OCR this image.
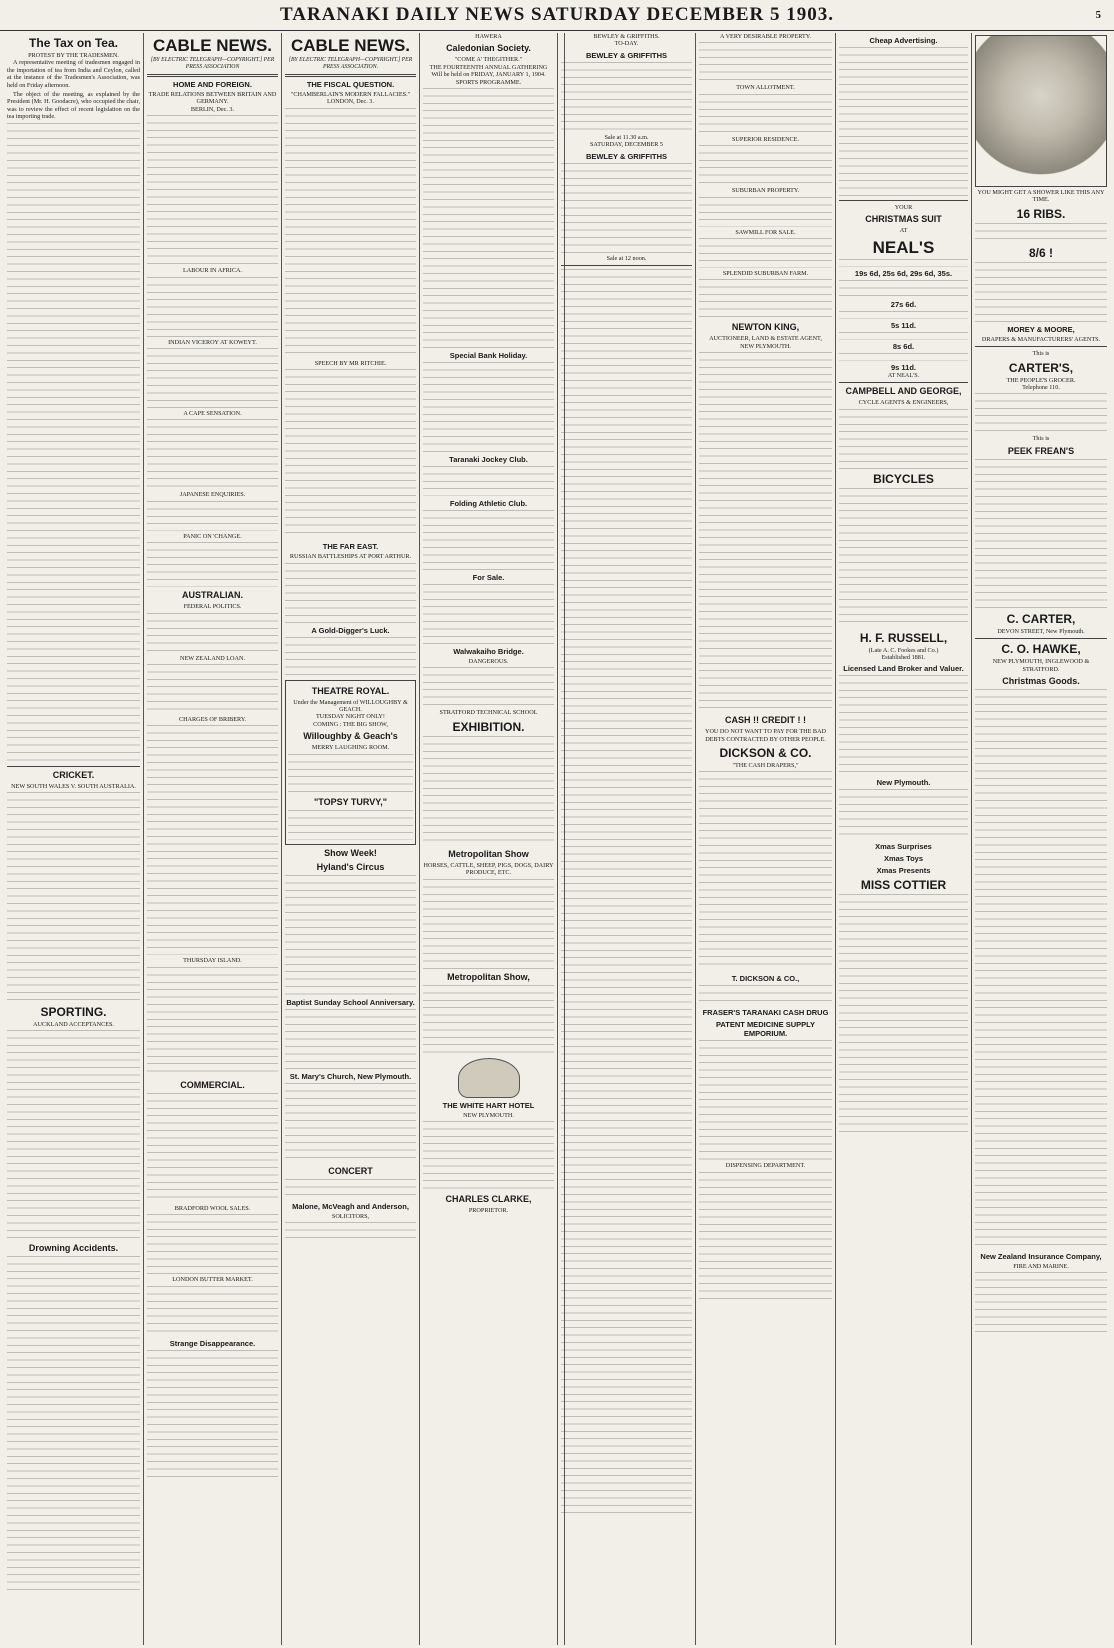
TARANAKI DAILY NEWS SATURDAY DECEMBER 5 1903.	5
The Tax on Tea.
PROTEST BY THE TRADESMEN.

A representative meeting of tradesmen engaged in the importation of tea from India and Ceylon, called at the instance of the Tradesmen's Association, was held on Friday afternoon.

The object of the meeting, as explained by the President (Mr. H. Goodacre), who occupied the chair, was to review the effect of recent legislation on the tea importing trade.

CRICKET.
NEW SOUTH WALES V. SOUTH AUSTRALIA.
SPORTING.
AUCKLAND ACCEPTANCES.
Drowning Accidents.
CABLE NEWS.
[BY ELECTRIC TELEGRAPH—COPYRIGHT.] PER PRESS ASSOCIATION
HOME AND FOREIGN.
TRADE RELATIONS BETWEEN BRITAIN AND GERMANY.
BERLIN, Dec. 3.
LABOUR IN AFRICA.
INDIAN VICEROY AT KOWEYT.
A CAPE SENSATION.
JAPANESE ENQUIRIES.
PANIC ON 'CHANGE.
AUSTRALIAN.
FEDERAL POLITICS.
NEW ZEALAND LOAN.
CHARGES OF BRIBERY.
THURSDAY ISLAND.
COMMERCIAL.
BRADFORD WOOL SALES.
LONDON BUTTER MARKET.
Strange Disappearance.
CABLE NEWS.
[BY ELECTRIC TELEGRAPH—COPYRIGHT.] PER PRESS ASSOCIATION.
THE FISCAL QUESTION.
"CHAMBERLAIN'S MODERN FALLACIES."
LONDON, Dec. 3.
SPEECH BY MR RITCHIE.
THE FAR EAST.
RUSSIAN BATTLESHIPS AT PORT ARTHUR.
A Gold-Digger's Luck.
THEATRE ROYAL.
Under the Management of WILLOUGHBY & GEACH.
TUESDAY NIGHT ONLY!
COMING : THE BIG SHOW,
Willoughby & Geach's
MERRY LAUGHING ROOM.
"TOPSY TURVY,"
Show Week!
Hyland's Circus
Baptist Sunday School Anniversary.
St. Mary's Church, New Plymouth.
CONCERT
Malone, McVeagh and Anderson,
SOLICITORS,
HAWERA
Caledonian Society.
"COME A' THEGITHER."
THE FOURTEENTH ANNUAL GATHERING
Will be held on FRIDAY, JANUARY 1, 1904.
SPORTS PROGRAMME.
Special Bank Holiday.
Taranaki Jockey Club.
Folding Athletic Club.
For Sale.
Walwakaiho Bridge.
DANGEROUS.
STRATFORD TECHNICAL SCHOOL
EXHIBITION.
Metropolitan Show
HORSES, CATTLE, SHEEP, PIGS, DOGS, DAIRY PRODUCE, ETC.
Metropolitan Show,
THE WHITE HART HOTEL
NEW PLYMOUTH.
CHARLES CLARKE,
PROPRIETOR.
BEWLEY & GRIFFITHS.
TO-DAY.
BEWLEY & GRIFFITHS
Sale at 11.30 a.m.
SATURDAY, DECEMBER 5
BEWLEY & GRIFFITHS
Sale at 12 noon.
A VERY DESIRABLE PROPERTY.
TOWN ALLOTMENT.
SUPERIOR RESIDENCE.
SUBURBAN PROPERTY.
SAWMILL FOR SALE.
SPLENDID SUBURBAN FARM.
NEWTON KING,
AUCTIONEER, LAND & ESTATE AGENT,
NEW PLYMOUTH.
CASH !! CREDIT ! !
YOU DO NOT WANT TO PAY FOR THE BAD DEBTS CONTRACTED BY OTHER PEOPLE.
DICKSON & CO.
"THE CASH DRAPERS,"
T. DICKSON & CO.,
FRASER'S TARANAKI CASH DRUG
PATENT MEDICINE SUPPLY EMPORIUM.
DISPENSING DEPARTMENT.
Cheap Advertising.
YOUR
CHRISTMAS SUIT
AT
NEAL'S
19s 6d, 25s 6d, 29s 6d, 35s.
27s 6d.
5s 11d.
8s 6d.
9s 11d.
AT NEAL'S.
CAMPBELL AND GEORGE,
CYCLE AGENTS & ENGINEERS,
BICYCLES
H. F. RUSSELL,
(Late A. C. Fookes and Co.)
Established 1881.
Licensed Land Broker and Valuer.
New Plymouth.
Xmas Surprises
Xmas Toys
Xmas Presents
MISS COTTIER
YOU MIGHT GET A SHOWER LIKE THIS ANY TIME.
16 RIBS.
8/6 !
MOREY & MOORE,
DRAPERS & MANUFACTURERS' AGENTS.
This is
CARTER'S,
THE PEOPLE'S GROCER.
Telephone 110.
This is
PEEK FREAN'S
C. CARTER,
DEVON STREET, New Plymouth.
C. O. HAWKE,
NEW PLYMOUTH, INGLEWOOD & STRATFORD.
Christmas Goods.
New Zealand Insurance Company,
FIRE AND MARINE.
